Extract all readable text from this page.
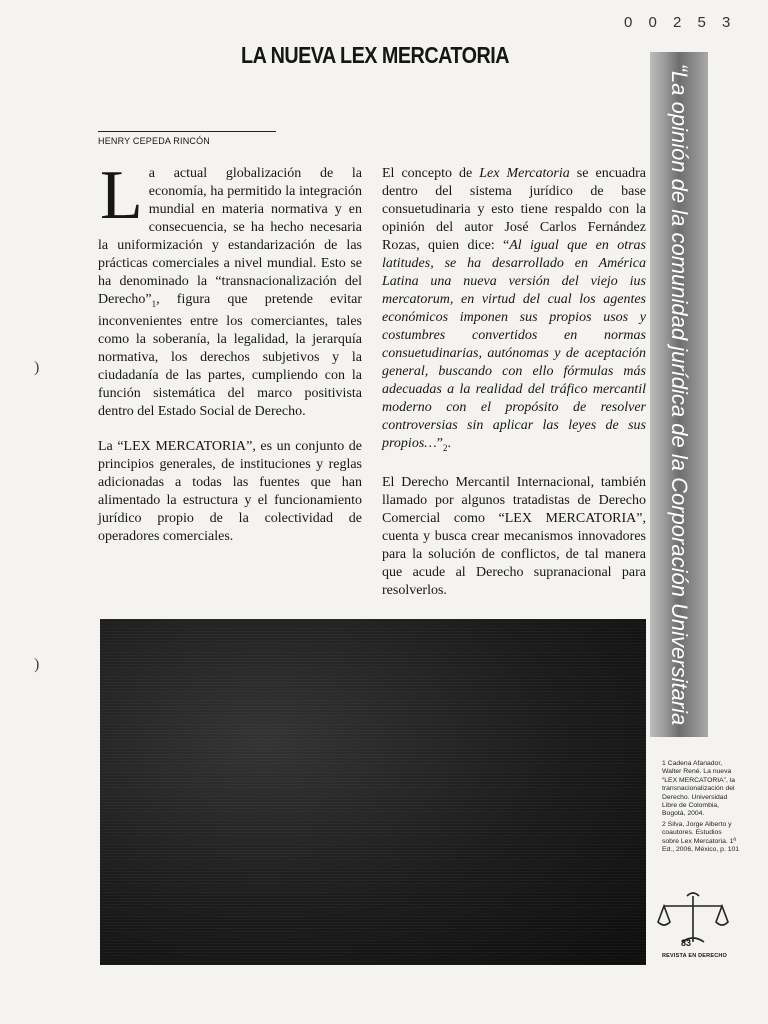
0 0 2 5 3
LA NUEVA LEX MERCATORIA

HENRY CEPEDA RINCÓN

La actual globalización de la economía, ha permitido la integración mundial en materia normativa y en consecuencia, se ha hecho necesaria la uniformización y estandarización de las prácticas comerciales a nivel mundial. Esto se ha denominado la “transnacionalización del $Derecho”_1$, figura que pretende evitar inconvenientes entre los comerciantes, tales como la soberanía, la legalidad, la jerarquía normativa, los derechos subjetivos y la ciudadanía de las partes, cumpliendo con la función sistemática del marco positivista dentro del Estado Social de Derecho.

La “LEX MERCATORIA”, es un conjunto de principios generales, de instituciones y reglas adicionadas a todas las fuentes que han alimentado la estructura y el funcionamiento jurídico propio de la colectividad de operadores comerciales.

El concepto de Lex Mercatoria se encuadra dentro del sistema jurídico de base consuetudinaria y esto tiene respaldo con la opinión del autor José Carlos Fernández Rozas, quien dice: “Al igual que en otras latitudes, se ha desarrollado en América Latina una nueva versión del viejo ius mercatorum, en virtud del cual los agentes económicos imponen sus propios usos y costumbres convertidos en normas consuetudinarias, autónomas y de aceptación general, buscando con ello fórmulas más adecuadas a la realidad del tráfico mercantil moderno con el propósito de resolver controversias sin aplicar las leyes de sus $propios\dots”_2$.

El Derecho Mercantil Internacional, también llamado por algunos tratadistas de Derecho Comercial como “LEX MERCATORIA”, cuenta y busca crear mecanismos innovadores para la solución de conflictos, de tal manera que acude al Derecho supranacional para resolverlos.	“La opinión de la comunidad jurídica de la Corporación Universitaria

1 Cadena Afanador, Walter René. La nueva “LEX MERCATORIA”, la transnacionalización del Derecho. Universidad Libre de Colombia, Bogotá, 2004.

2 Silva, Jorge Alberto y coautores. Estudios sobre Lex Mercatoria. 1ª Ed., 2006, México, p. 101

83

REVISTA EN DERECHO

)
)
